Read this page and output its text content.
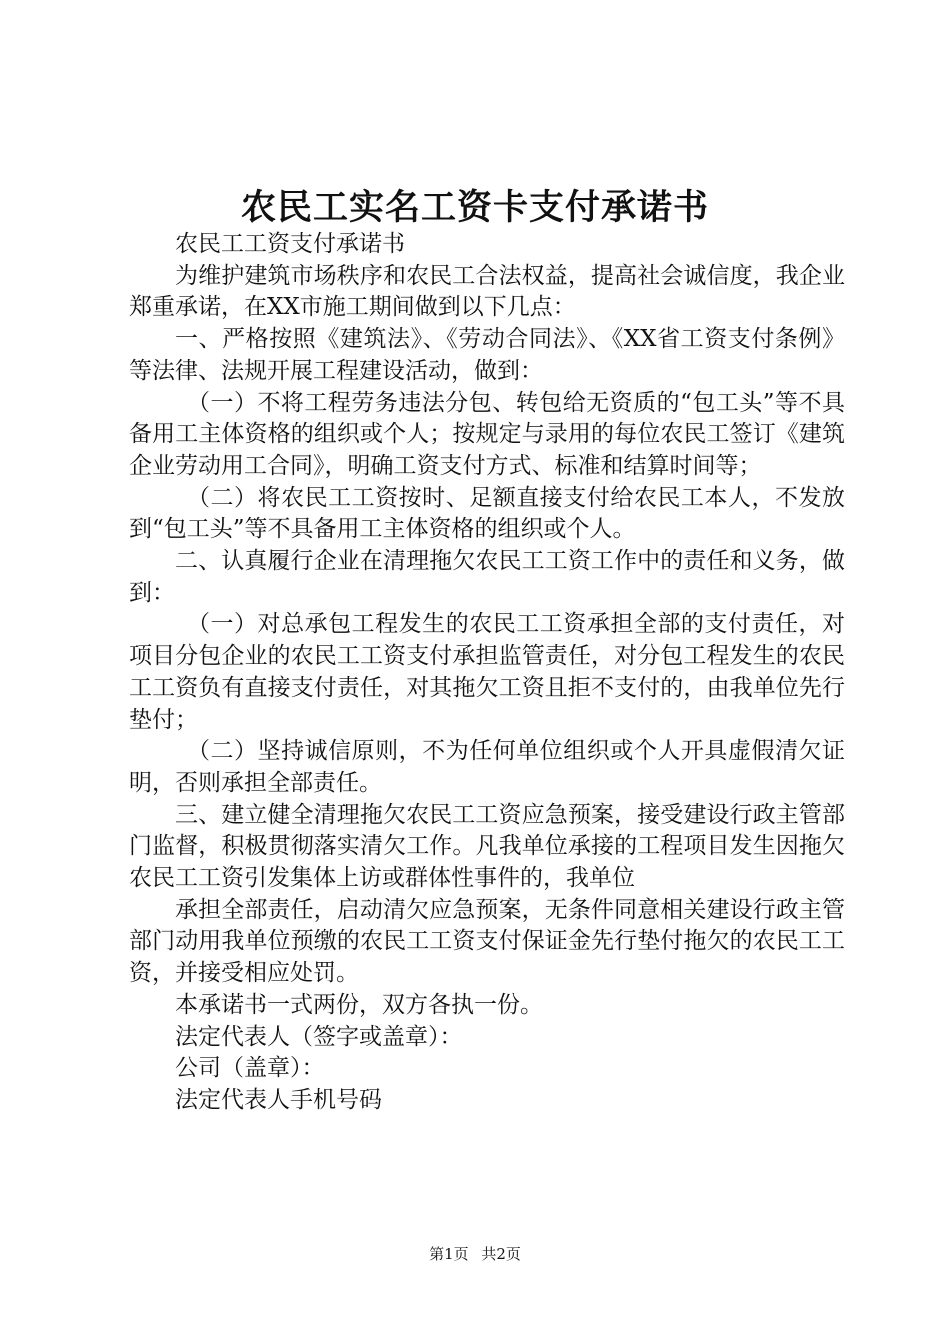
农民工实名工资卡支付承诺书

农民工工资支付承诺书

为维护建筑市场秩序和农民工合法权益，提高社会诚信度，我企业郑重承诺，在XX市施工期间做到以下几点：

一、严格按照《建筑法》、《劳动合同法》、《XX省工资支付条例》等法律、法规开展工程建设活动，做到：

（一）不将工程劳务违法分包、转包给无资质的“包工头”等不具备用工主体资格的组织或个人；按规定与录用的每位农民工签订《建筑企业劳动用工合同》，明确工资支付方式、标准和结算时间等；

（二）将农民工工资按时、足额直接支付给农民工本人，不发放到“包工头”等不具备用工主体资格的组织或个人。

二、认真履行企业在清理拖欠农民工工资工作中的责任和义务，做到：

（一）对总承包工程发生的农民工工资承担全部的支付责任，对项目分包企业的农民工工资支付承担监管责任，对分包工程发生的农民工工资负有直接支付责任，对其拖欠工资且拒不支付的，由我单位先行垫付；

（二）坚持诚信原则，不为任何单位组织或个人开具虚假清欠证明，否则承担全部责任。

三、建立健全清理拖欠农民工工资应急预案，接受建设行政主管部门监督，积极贯彻落实清欠工作。凡我单位承接的工程项目发生因拖欠农民工工资引发集体上访或群体性事件的，我单位

承担全部责任，启动清欠应急预案，无条件同意相关建设行政主管部门动用我单位预缴的农民工工资支付保证金先行垫付拖欠的农民工工资，并接受相应处罚。

本承诺书一式两份，双方各执一份。

法定代表人（签字或盖章）：

公司（盖章）：

法定代表人手机号码

第1页 共2页
